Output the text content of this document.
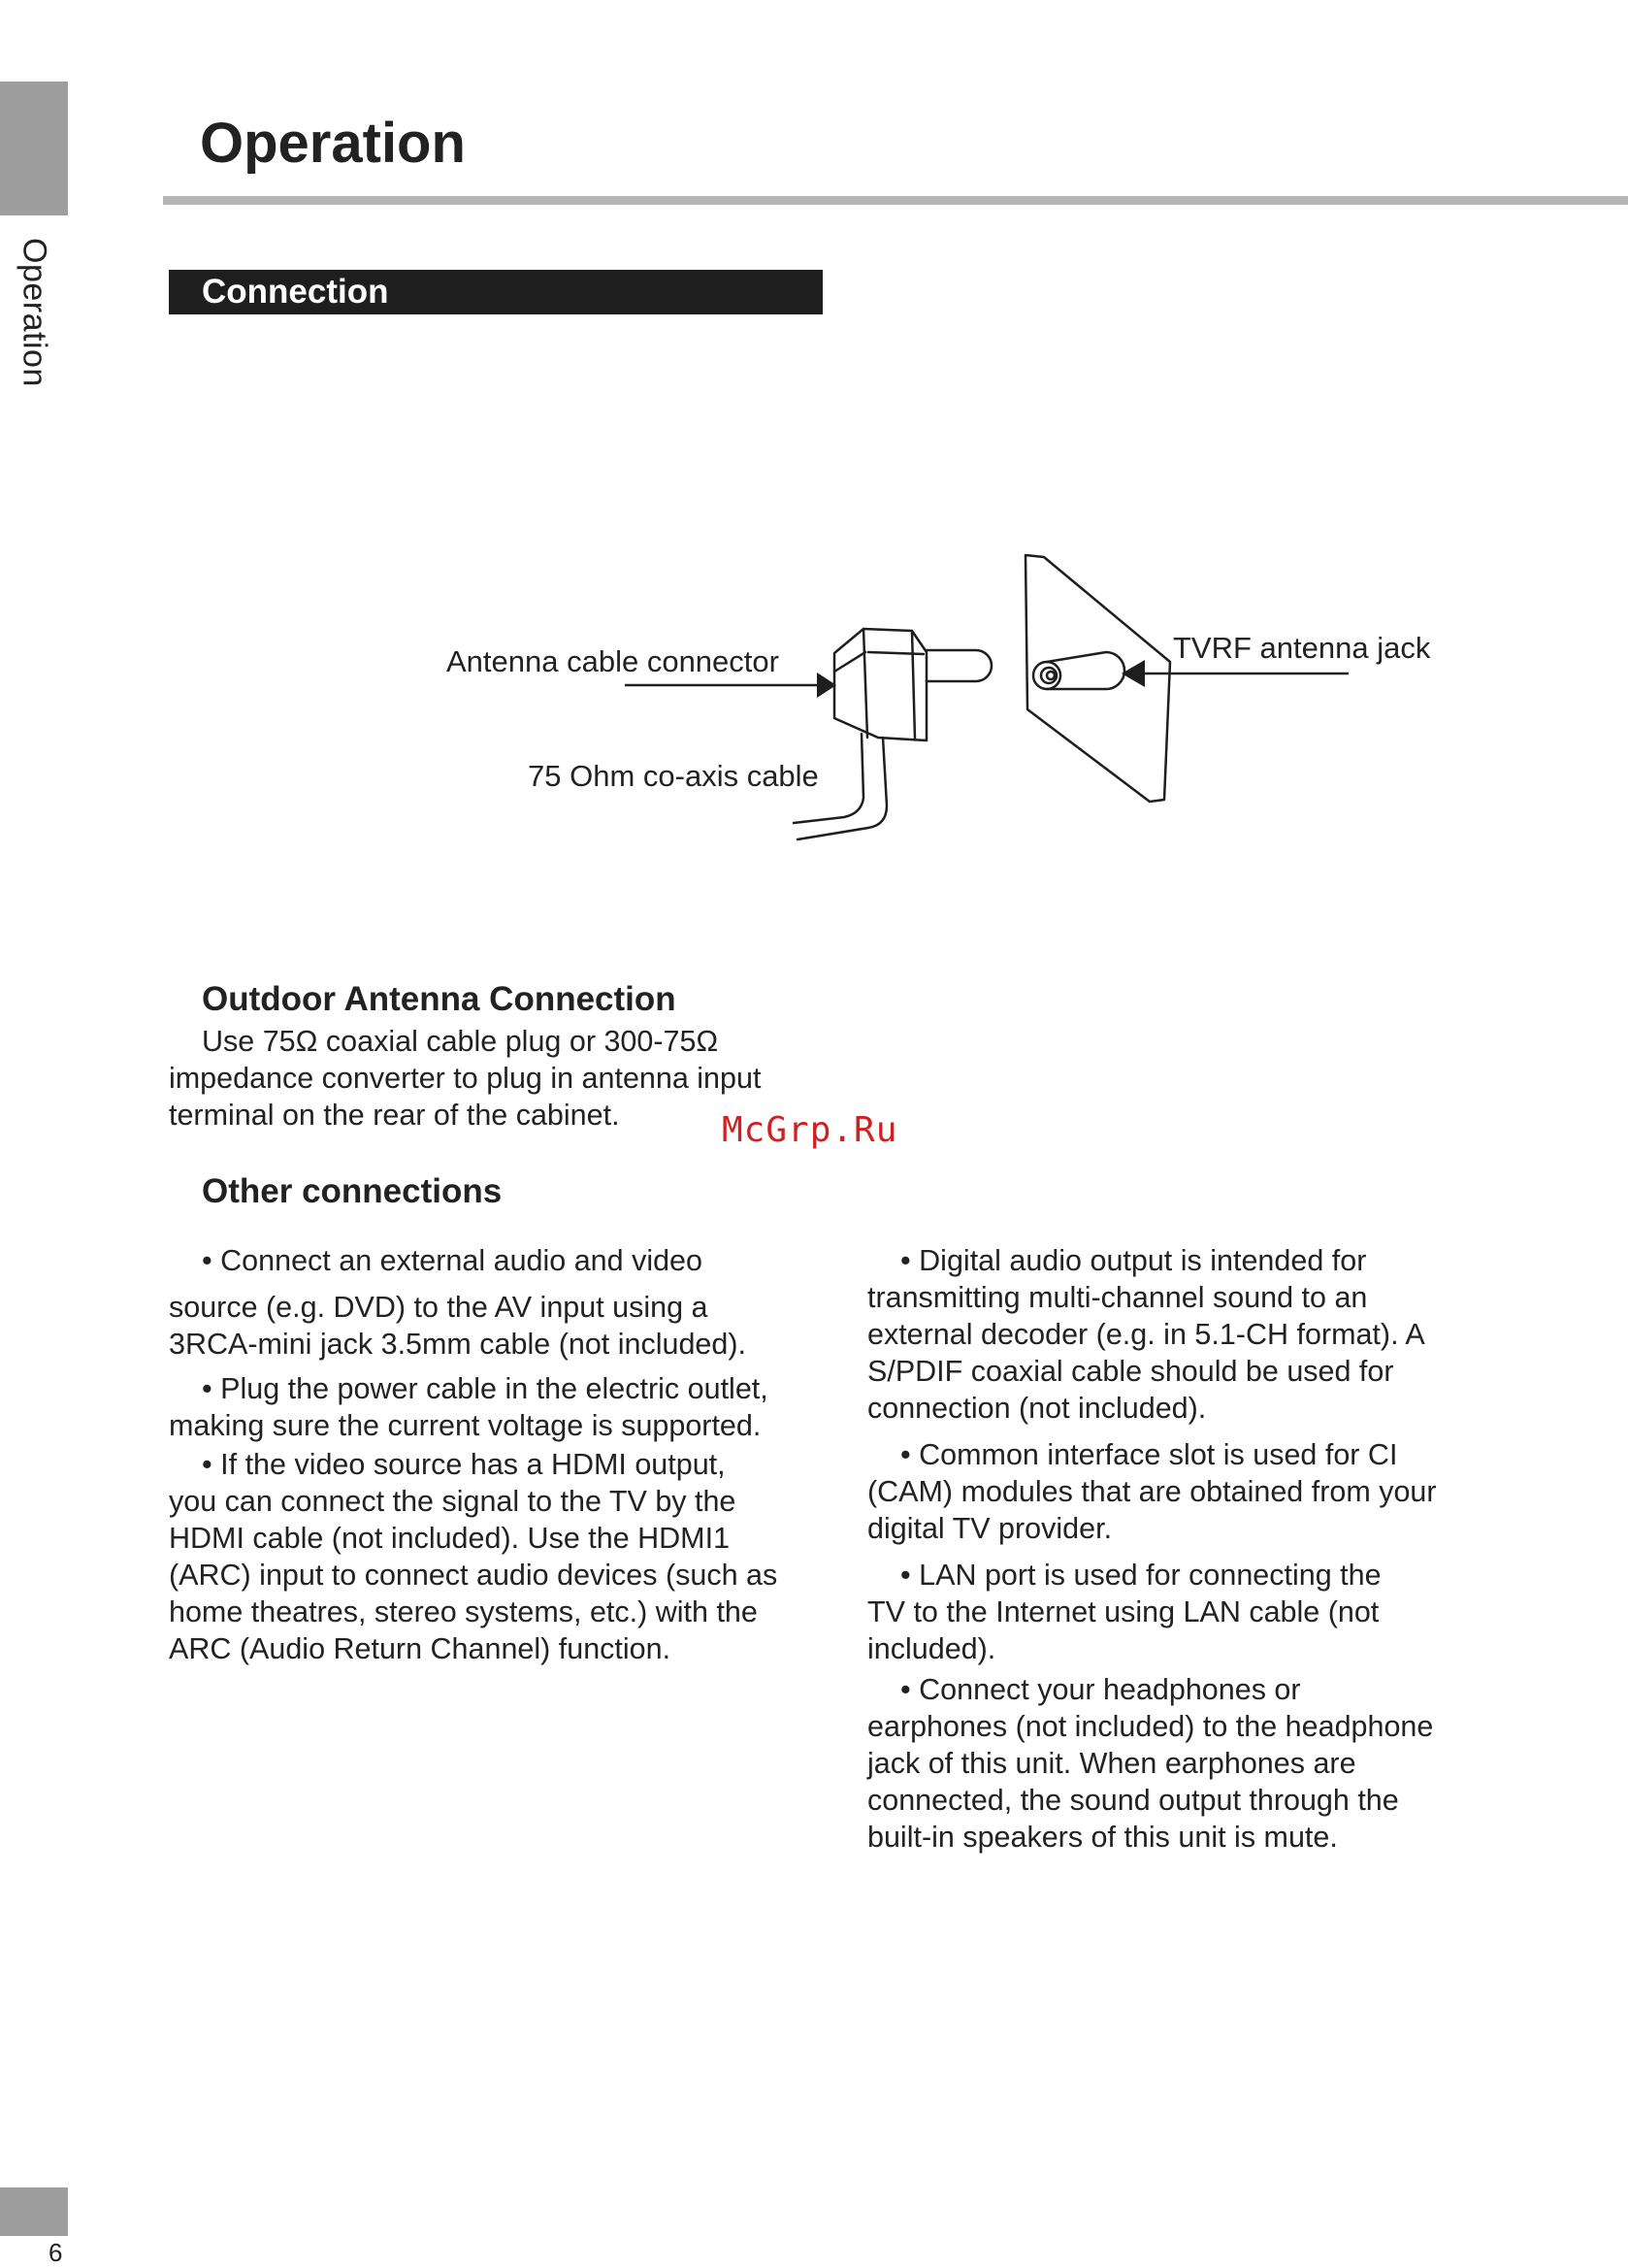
Operation
Operation
Connection
Antenna cable connector
75 Ohm co-axis cable
TVRF antenna jack
Outdoor Antenna Connection

Use 75Ω coaxial cable plug or 300-75Ω

impedance converter to plug in antenna input

terminal on the rear of the cabinet.	McGrp.Ru
Other connections

• Connect an external audio and video

source (e.g. DVD) to the AV input using a

3RCA-mini jack 3.5mm cable (not included).

• Plug the power cable in the electric outlet,

making sure the current voltage is supported.

• If the video source has a HDMI output,

you can connect the signal to the TV by the

HDMI cable (not included). Use the HDMI1

(ARC) input to connect audio devices (such as

home theatres, stereo systems, etc.) with the

ARC (Audio Return Channel) function.

• Digital audio output is intended for

transmitting multi-channel sound to an

external decoder (e.g. in 5.1-CH format). A

S/PDIF coaxial cable should be used for

connection (not included).

• Common interface slot is used for CI

(CAM) modules that are obtained from your

digital TV provider.

• LAN port is used for connecting the

TV to the Internet using LAN cable (not

included).

• Connect your headphones or

earphones (not included) to the headphone

jack of this unit. When earphones are

connected, the sound output through the

built-in speakers of this unit is mute.

6
